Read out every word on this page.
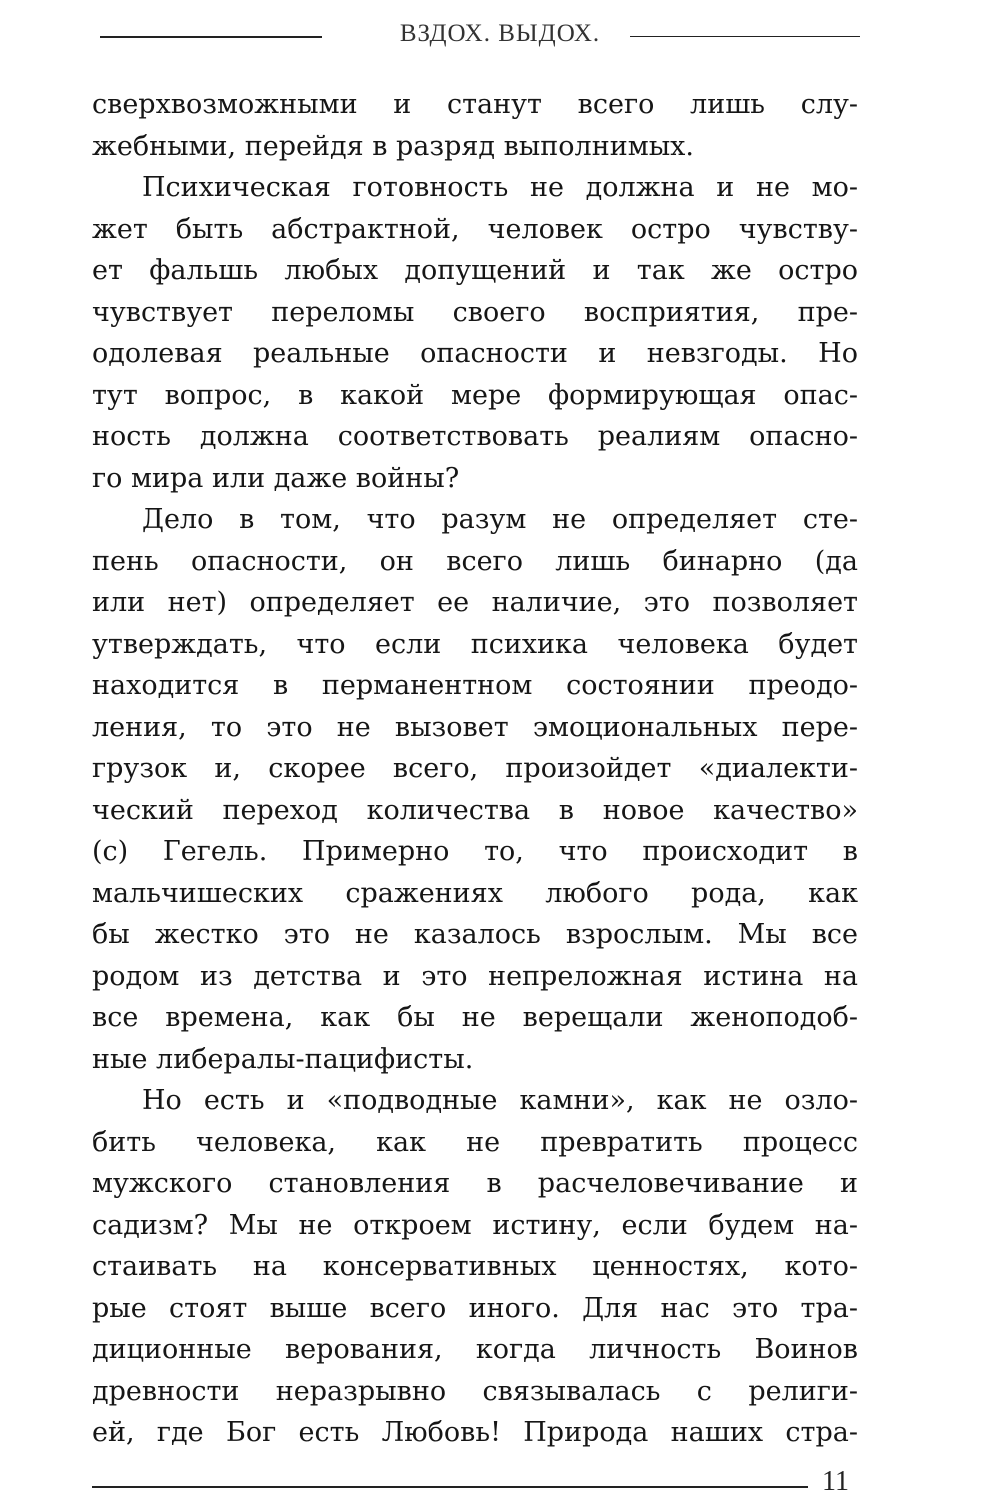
ВЗДОХ. ВЫДОХ.
сверхвозможными и станут всего лишь слу-
жебными, перейдя в разряд выполнимых.
Психическая готовность не должна и не мо-
жет быть абстрактной, человек остро чувству-
ет фальшь любых допущений и так же остро
чувствует переломы своего восприятия, пре-
одолевая реальные опасности и невзгоды. Но
тут вопрос, в какой мере формирующая опас-
ность должна соответствовать реалиям опасно-
го мира или даже войны?
Дело в том, что разум не определяет сте-
пень опасности, он всего лишь бинарно (да
или нет) определяет ее наличие, это позволяет
утверждать, что если психика человека будет
находится в перманентном состоянии преодо-
ления, то это не вызовет эмоциональных пере-
грузок и, скорее всего, произойдет «диалекти-
ческий переход количества в новое качество»
(с) Гегель. Примерно то, что происходит в
мальчишеских сражениях любого рода, как
бы жестко это не казалось взрослым. Мы все
родом из детства и это непреложная истина на
все времена, как бы не верещали женоподоб-
ные либералы-пацифисты.
Но есть и «подводные камни», как не озло-
бить человека, как не превратить процесс
мужского становления в расчеловечивание и
садизм? Мы не откроем истину, если будем на-
стаивать на консервативных ценностях, кото-
рые стоят выше всего иного. Для нас это тра-
диционные верования, когда личность Воинов
древности неразрывно связывалась с религи-
ей, где Бог есть Любовь! Природа наших стра-
11
